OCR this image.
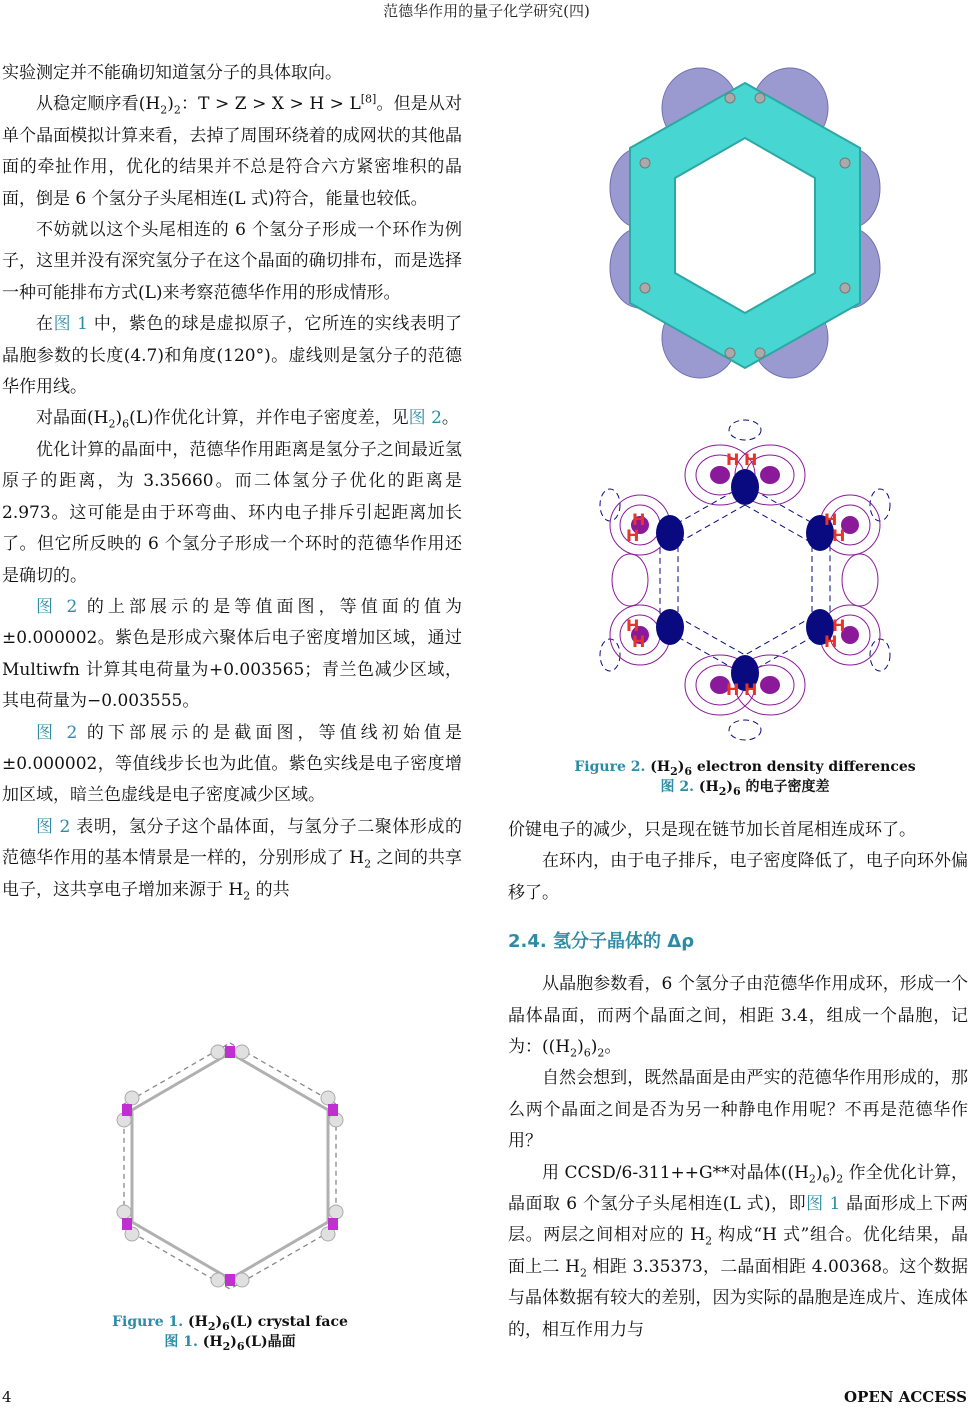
范德华作用的量子化学研究(四)

实验测定并不能确切知道氢分子的具体取向。

从稳定顺序看$(H_2)_2$：T > Z > X > H > L[8]。但是从对单个晶面模拟计算来看，去掉了周围环绕着的成网状的其他晶面的牵扯作用，优化的结果并不总是符合六方紧密堆积的晶面，倒是 6 个氢分子头尾相连(L 式)符合，能量也较低。

不妨就以这个头尾相连的 6 个氢分子形成一个环作为例子，这里并没有深究氢分子在这个晶面的确切排布，而是选择一种可能排布方式(L)来考察范德华作用的形成情形。

在图 1 中，紫色的球是虚拟原子，它所连的实线表明了晶胞参数的长度(4.7)和角度(120°)。虚线则是氢分子的范德华作用线。

对晶面$(H_2)_6(L)$作优化计算，并作电子密度差，见图 2。

优化计算的晶面中，范德华作用距离是氢分子之间最近氢原子的距离，为 3.35660。而二体氢分子优化的距离是 2.973。这可能是由于环弯曲、环内电子排斥引起距离加长了。但它所反映的 6 个氢分子形成一个环时的范德华作用还是确切的。

图 2 的上部展示的是等值面图，等值面的值为±0.000002。紫色是形成六聚体后电子密度增加区域，通过 Multiwfn 计算其电荷量为+0.003565；青兰色减少区域，其电荷量为−0.003555。

图 2 的下部展示的是截面图，等值线初始值是±0.000002，等值线步长也为此值。紫色实线是电子密度增加区域，暗兰色虚线是电子密度减少区域。

图 2 表明，氢分子这个晶体面，与氢分子二聚体形成的范德华作用的基本情景是一样的，分别形成了 $H_2$ 之间的共享电子，这共享电子增加来源于 $H_2$ 的共

Figure 1. $(H_2)_6(L)$ crystal face
图 1. $(H_2)_6(L)$晶面

H H
H H
H
H
H
H
H
H
H
H
Figure 2. $(H_2)_6$ electron density differences
图 2. $(H_2)_6$ 的电子密度差

价键电子的减少，只是现在链节加长首尾相连成环了。

在环内，由于电子排斥，电子密度降低了，电子向环外偏移了。

2.4. 氢分子晶体的 Δρ

从晶胞参数看，6 个氢分子由范德华作用成环，形成一个晶体晶面，而两个晶面之间，相距 3.4，组成一个晶胞，记为：$((H_2)_6)_2$。

自然会想到，既然晶面是由严实的范德华作用形成的，那么两个晶面之间是否为另一种静电作用呢？不再是范德华作用？

用 CCSD/6-311++G**对晶体$((H_2)_6)_2$ 作全优化计算，晶面取 6 个氢分子头尾相连(L 式)，即图 1 晶面形成上下两层。两层之间相对应的 $H_2$ 构成“H 式”组合。优化结果，晶面上二 $H_2$ 相距 3.35373，二晶面相距 4.00368。这个数据与晶体数据有较大的差别，因为实际的晶胞是连成片、连成体的，相互作用力与

4	OPEN ACCESS
